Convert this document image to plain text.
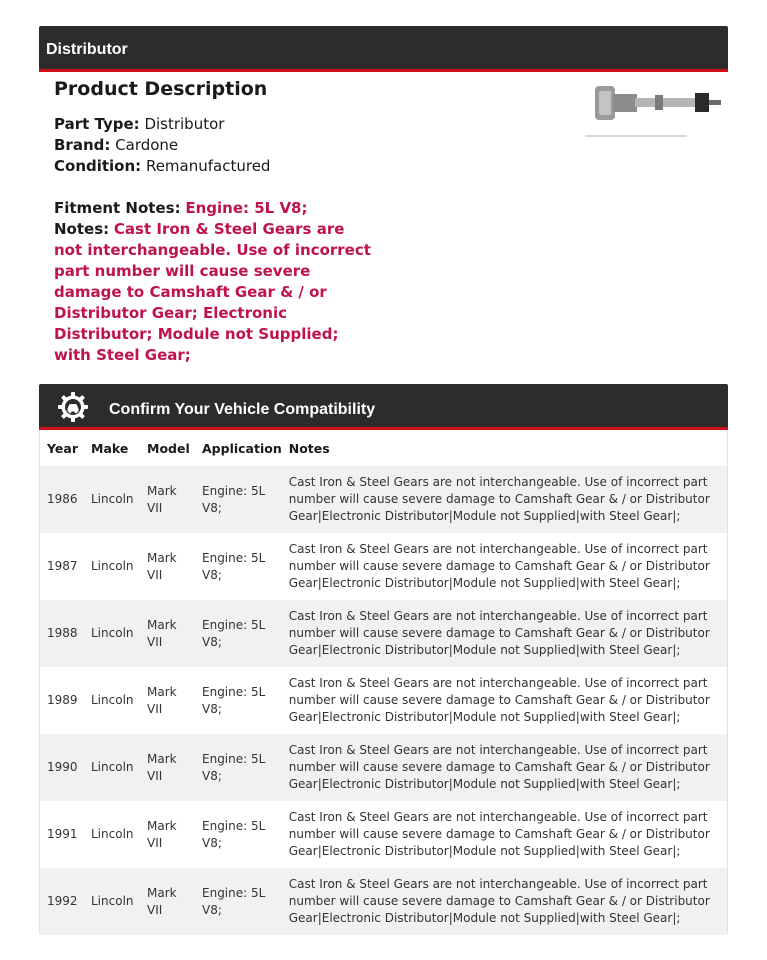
Distributor
Product Description

Part Type: Distributor

Brand: Cardone

Condition: Remanufactured

Fitment Notes: Engine: 5L V8;

Notes: Cast Iron & Steel Gears are not interchangeable. Use of incorrect part number will cause severe damage to Camshaft Gear & / or Distributor Gear; Electronic Distributor; Module not Supplied; with Steel Gear;

Confirm Your Vehicle Compatibility
Year	Make	Model	Application	Notes
1986	Lincoln	Mark VII	Engine: 5L V8;	Cast Iron & Steel Gears are not interchangeable. Use of incorrect part number will cause severe damage to Camshaft Gear & / or Distributor Gear|Electronic Distributor|Module not Supplied|with Steel Gear|;
1987	Lincoln	Mark VII	Engine: 5L V8;	Cast Iron & Steel Gears are not interchangeable. Use of incorrect part number will cause severe damage to Camshaft Gear & / or Distributor Gear|Electronic Distributor|Module not Supplied|with Steel Gear|;
1988	Lincoln	Mark VII	Engine: 5L V8;	Cast Iron & Steel Gears are not interchangeable. Use of incorrect part number will cause severe damage to Camshaft Gear & / or Distributor Gear|Electronic Distributor|Module not Supplied|with Steel Gear|;
1989	Lincoln	Mark VII	Engine: 5L V8;	Cast Iron & Steel Gears are not interchangeable. Use of incorrect part number will cause severe damage to Camshaft Gear & / or Distributor Gear|Electronic Distributor|Module not Supplied|with Steel Gear|;
1990	Lincoln	Mark VII	Engine: 5L V8;	Cast Iron & Steel Gears are not interchangeable. Use of incorrect part number will cause severe damage to Camshaft Gear & / or Distributor Gear|Electronic Distributor|Module not Supplied|with Steel Gear|;
1991	Lincoln	Mark VII	Engine: 5L V8;	Cast Iron & Steel Gears are not interchangeable. Use of incorrect part number will cause severe damage to Camshaft Gear & / or Distributor Gear|Electronic Distributor|Module not Supplied|with Steel Gear|;
1992	Lincoln	Mark VII	Engine: 5L V8;	Cast Iron & Steel Gears are not interchangeable. Use of incorrect part number will cause severe damage to Camshaft Gear & / or Distributor Gear|Electronic Distributor|Module not Supplied|with Steel Gear|;
